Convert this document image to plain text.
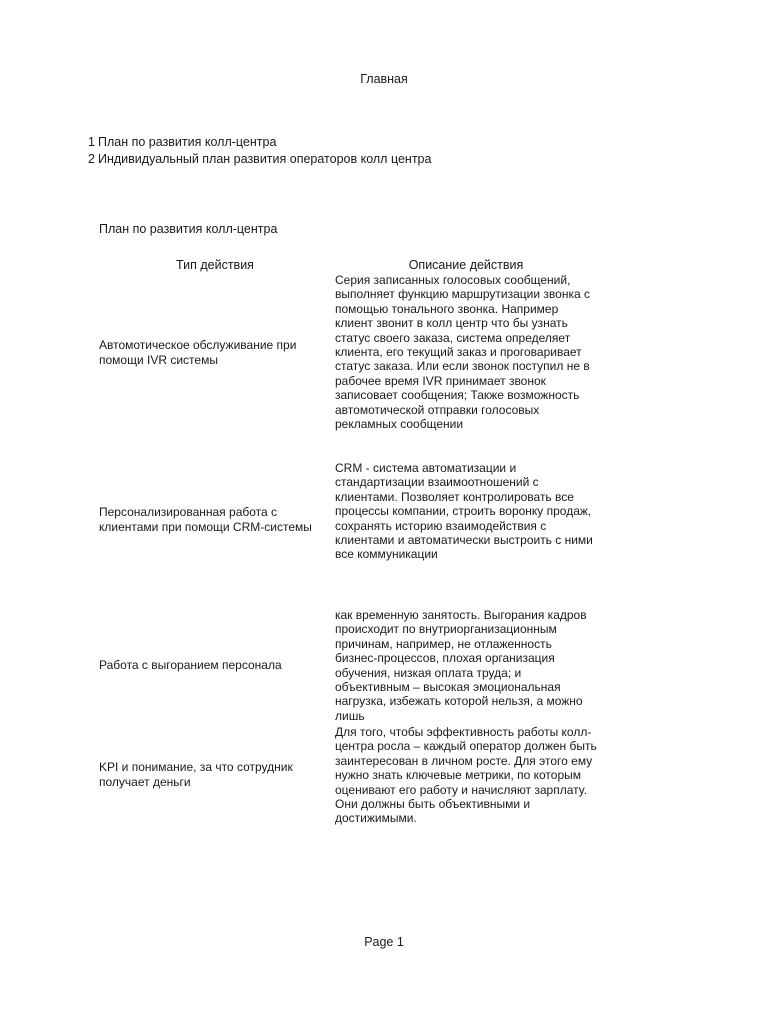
Главная
1 План по развития колл-центра
2 Индивидуальный план развития операторов колл центра
План по развития колл-центра
Тип действия	Описание действия
Автомотическое обслуживание при помощи IVR системы
Серия записанных голосовых сообщений, выполняет функцию маршрутизации звонка с помощью тонального звонка. Например клиент звонит в колл центр что бы узнать статус своего заказа, система определяет клиента, его текущий заказ и проговаривает статус заказа. Или если звонок поступил не в рабочее время IVR принимает звонок записовает сообщения; Также возможность автомотической отправки голосовых рекламных сообщении
Персонализированная работа с клиентами при помощи CRM-системы
CRM - система автоматизации и стандартизации взаимоотношений с клиентами. Позволяет контролировать все процессы компании, строить воронку продаж, сохранять историю взаимодействия с клиентами и автоматически выстроить с ними все коммуникации
Работа с выгоранием персонала
как временную занятость. Выгорания кадров происходит по внутриорганизационным причинам, например, не отлаженность бизнес-процессов, плохая организация обучения, низкая оплата труда; и объективным – высокая эмоциональная нагрузка, избежать которой нельзя, а можно лишь
KPI и понимание, за что сотрудник получает деньги
Для того, чтобы эффективность работы колл-центра росла – каждый оператор должен быть заинтересован в личном росте. Для этого ему нужно знать ключевые метрики, по которым оценивают его работу и начисляют зарплату. Они должны быть объективными и достижимыми.
Page 1
